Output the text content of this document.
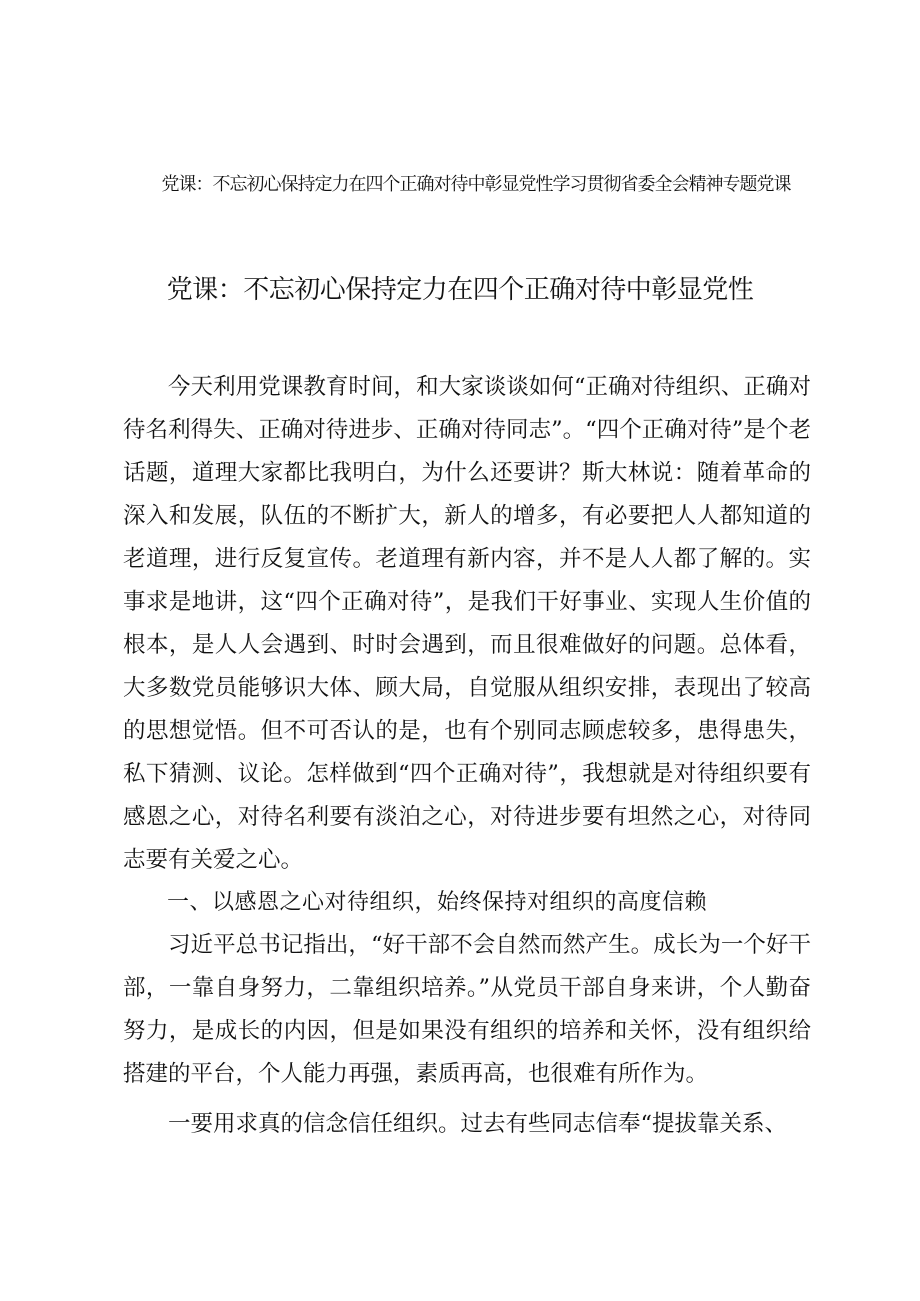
党课：不忘初心保持定力在四个正确对待中彰显党性学习贯彻省委全会精神专题党课
党课：不忘初心保持定力在四个正确对待中彰显党性

今天利用党课教育时间，和大家谈谈如何“正确对待组织、正确对待名利得失、正确对待进步、正确对待同志”。“四个正确对待”是个老话题，道理大家都比我明白，为什么还要讲？斯大林说：随着革命的深入和发展，队伍的不断扩大，新人的增多，有必要把人人都知道的老道理，进行反复宣传。老道理有新内容，并不是人人都了解的。实事求是地讲，这“四个正确对待”，是我们干好事业、实现人生价值的根本，是人人会遇到、时时会遇到，而且很难做好的问题。总体看，大多数党员能够识大体、顾大局，自觉服从组织安排，表现出了较高的思想觉悟。但不可否认的是，也有个别同志顾虑较多，患得患失，私下猜测、议论。怎样做到“四个正确对待”，我想就是对待组织要有感恩之心，对待名利要有淡泊之心，对待进步要有坦然之心，对待同志要有关爱之心。

一、以感恩之心对待组织，始终保持对组织的高度信赖

习近平总书记指出，“好干部不会自然而然产生。成长为一个好干部，一靠自身努力，二靠组织培养。”从党员干部自身来讲，个人勤奋努力，是成长的内因，但是如果没有组织的培养和关怀，没有组织给搭建的平台，个人能力再强，素质再高，也很难有所作为。

一要用求真的信念信任组织。过去有些同志信奉“提拔靠关系、
